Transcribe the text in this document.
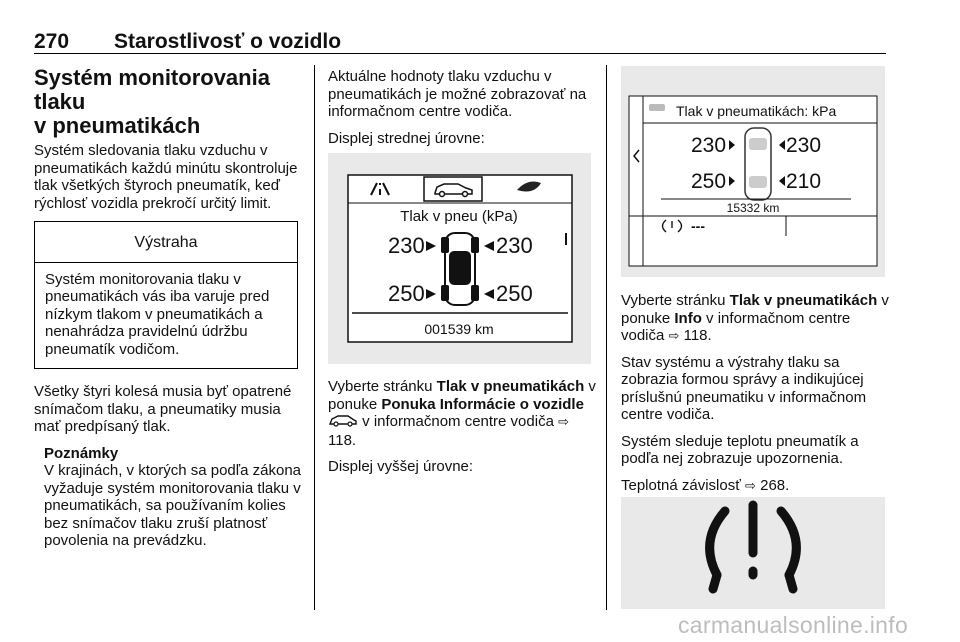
270 Starostlivosť o vozidlo
Systém monitorovania tlaku
v pneumatikách

Systém sledovania tlaku vzduchu v pneumatikách každú minútu skontroluje tlak všetkých štyroch pneumatík, keď rýchlosť vozidla prekročí určitý limit.

Výstraha
Systém monitorovania tlaku v pneumatikách vás iba varuje pred nízkym tlakom v pneumatikách a nenahrádza pravidelnú údržbu pneumatík vodičom.

Všetky štyri kolesá musia byť opatrené snímačom tlaku, a pneumatiky musia mať predpísaný tlak.

Poznámky
V krajinách, v ktorých sa podľa zákona vyžaduje systém monitorovania tlaku v pneumatikách, sa používaním kolies bez snímačov tlaku zruší platnosť povolenia na prevádzku.

Aktuálne hodnoty tlaku vzduchu v pneumatikách je možné zobrazovať na informačnom centre vodiča.

Displej strednej úrovne:

Tlak v pneu (kPa)
230	230
250	250
001539 km

Vyberte stránku Tlak v pneumatikách v ponuke Ponuka Informácie o vozidle v informačnom centre vodiča ⇨ 118.

Displej vyššej úrovne:

Tlak v pneumatikách: kPa
230	230
250	210
15332 km
---

Vyberte stránku Tlak v pneumatikách v ponuke Info v informačnom centre vodiča ⇨ 118.

Stav systému a výstrahy tlaku sa zobrazia formou správy a indikujúcej príslušnú pneumatiku v informačnom centre vodiča.

Systém sleduje teplotu pneumatík a podľa nej zobrazuje upozornenia.

Teplotná závislosť ⇨ 268.

carmanualsonline.info
